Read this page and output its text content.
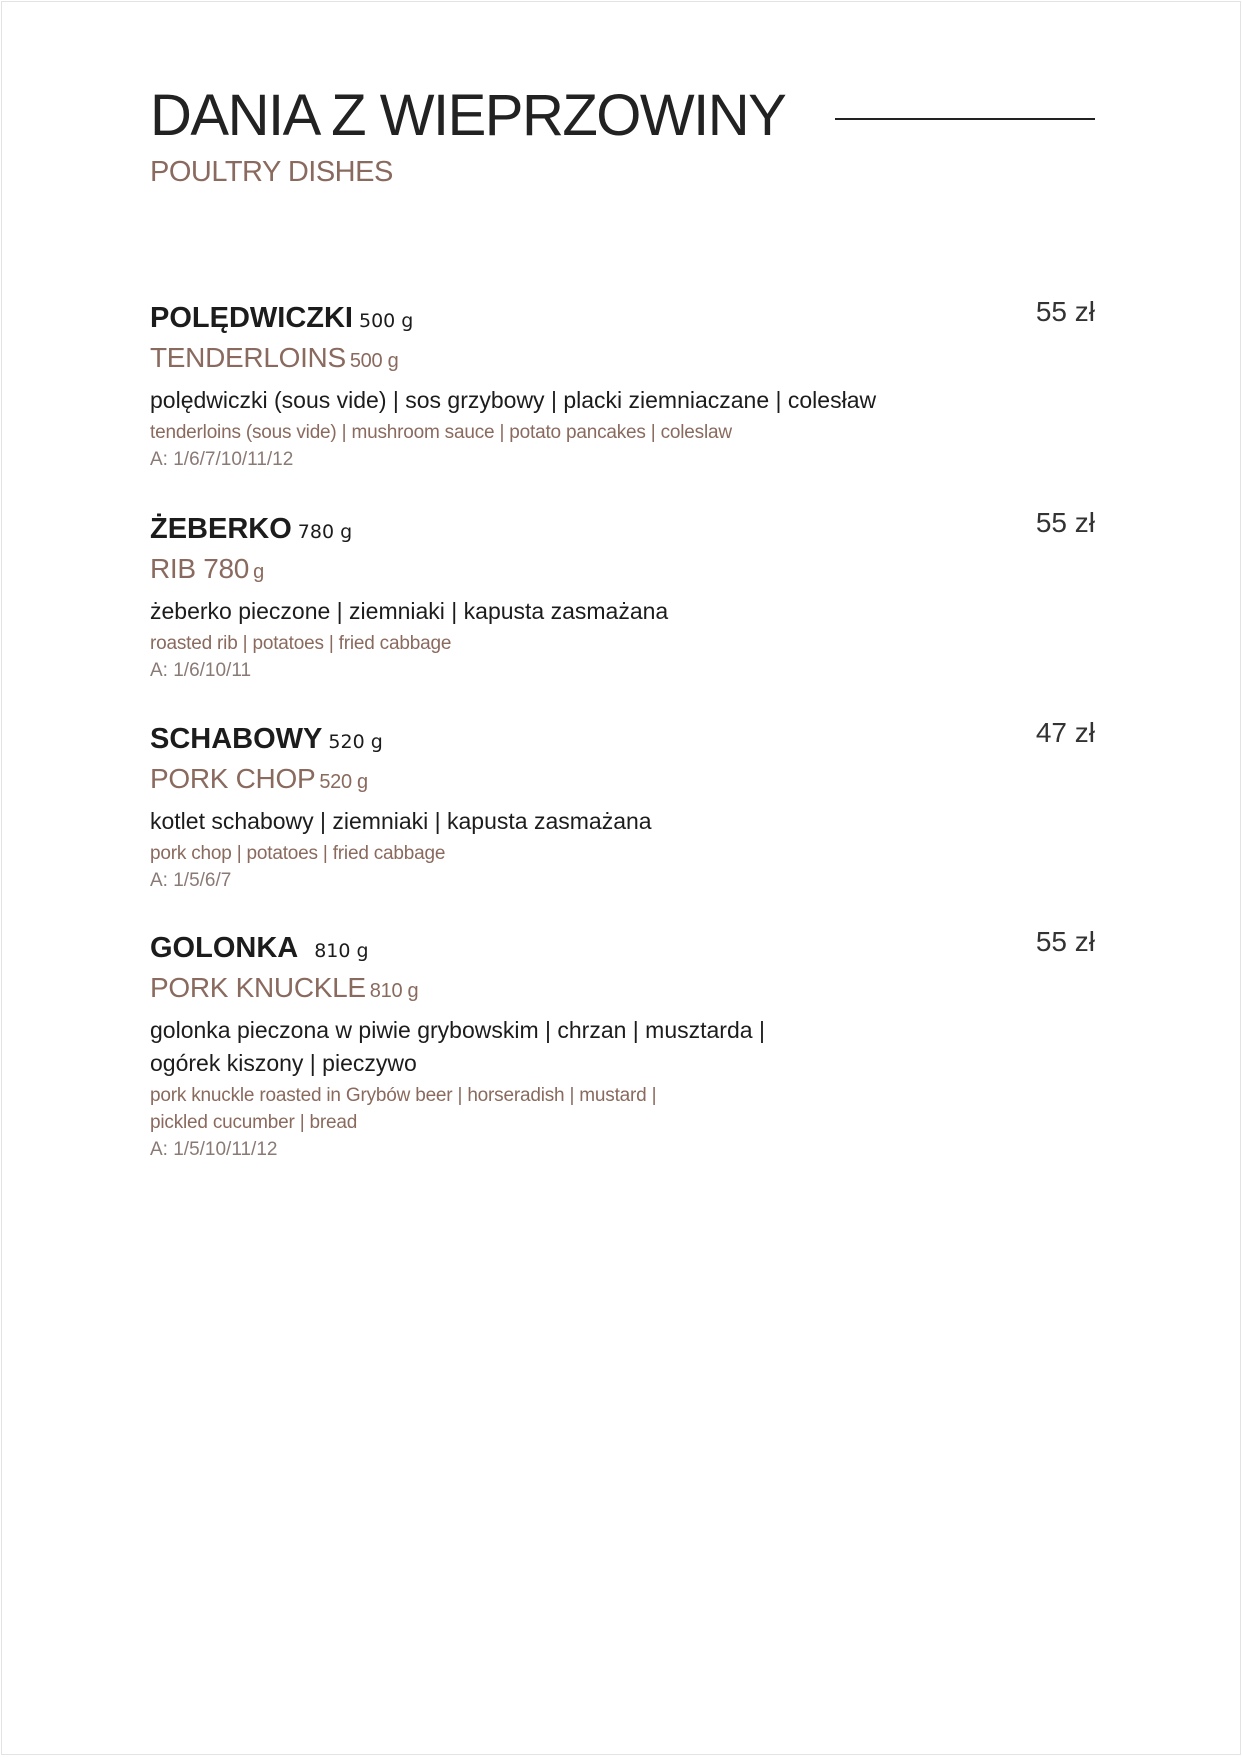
DANIA Z WIEPRZOWINY
POULTRY DISHES
POLĘDWICZKI 500 g	55 zł
TENDERLOINS 500 g
polędwiczki (sous vide) | sos grzybowy | placki ziemniaczane | colesław
tenderloins (sous vide) | mushroom sauce | potato pancakes | coleslaw
A: 1/6/7/10/11/12
ŻEBERKO 780 g	55 zł
RIB 780 g
żeberko pieczone | ziemniaki | kapusta zasmażana
roasted rib | potatoes | fried cabbage
A: 1/6/10/11
SCHABOWY 520 g	47 zł
PORK CHOP 520 g
kotlet schabowy | ziemniaki | kapusta zasmażana
pork chop | potatoes | fried cabbage
A: 1/5/6/7
GOLONKA 810 g	55 zł
PORK KNUCKLE 810 g
golonka pieczona w piwie grybowskim | chrzan | musztarda |
ogórek kiszony | pieczywo
pork knuckle roasted in Grybów beer | horseradish | mustard |
pickled cucumber | bread
A: 1/5/10/11/12
